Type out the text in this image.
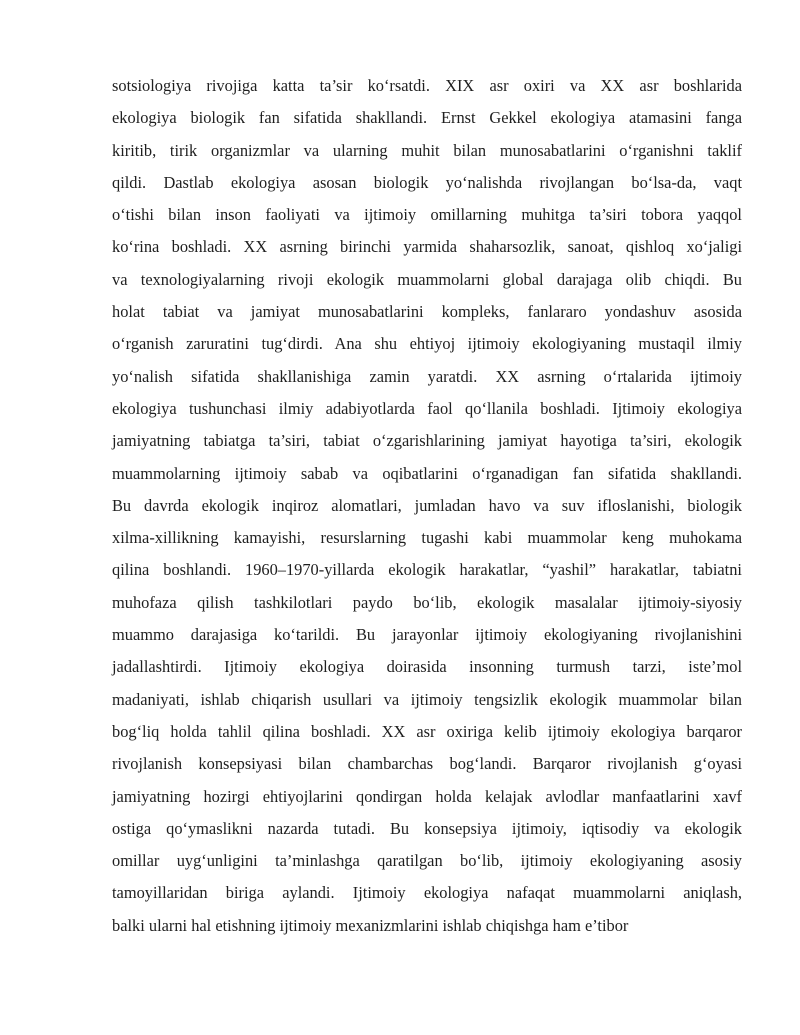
sotsiologiya rivojiga katta ta’sir ko‘rsatdi. XIX asr oxiri va XX asr boshlarida
ekologiya biologik fan sifatida shakllandi. Ernst Gekkel ekologiya atamasini fanga
kiritib, tirik organizmlar va ularning muhit bilan munosabatlarini o‘rganishni taklif
qildi. Dastlab ekologiya asosan biologik yo‘nalishda rivojlangan bo‘lsa-da, vaqt
o‘tishi bilan inson faoliyati va ijtimoiy omillarning muhitga ta’siri tobora yaqqol
ko‘rina boshladi. XX asrning birinchi yarmida shaharsozlik, sanoat, qishloq xo‘jaligi
va texnologiyalarning rivoji ekologik muammolarni global darajaga olib chiqdi. Bu
holat tabiat va jamiyat munosabatlarini kompleks, fanlararo yondashuv asosida
o‘rganish zaruratini tug‘dirdi. Ana shu ehtiyoj ijtimoiy ekologiyaning mustaqil ilmiy
yo‘nalish sifatida shakllanishiga zamin yaratdi. XX asrning o‘rtalarida ijtimoiy
ekologiya tushunchasi ilmiy adabiyotlarda faol qo‘llanila boshladi. Ijtimoiy ekologiya
jamiyatning tabiatga ta’siri, tabiat o‘zgarishlarining jamiyat hayotiga ta’siri, ekologik
muammolarning ijtimoiy sabab va oqibatlarini o‘rganadigan fan sifatida shakllandi.
Bu davrda ekologik inqiroz alomatlari, jumladan havo va suv ifloslanishi, biologik
xilma-xillikning kamayishi, resurslarning tugashi kabi muammolar keng muhokama
qilina boshlandi. 1960–1970-yillarda ekologik harakatlar, “yashil” harakatlar, tabiatni
muhofaza qilish tashkilotlari paydo bo‘lib, ekologik masalalar ijtimoiy-siyosiy
muammo darajasiga ko‘tarildi. Bu jarayonlar ijtimoiy ekologiyaning rivojlanishini
jadallashtirdi. Ijtimoiy ekologiya doirasida insonning turmush tarzi, iste’mol
madaniyati, ishlab chiqarish usullari va ijtimoiy tengsizlik ekologik muammolar bilan
bog‘liq holda tahlil qilina boshladi. XX asr oxiriga kelib ijtimoiy ekologiya barqaror
rivojlanish konsepsiyasi bilan chambarchas bog‘landi. Barqaror rivojlanish g‘oyasi
jamiyatning hozirgi ehtiyojlarini qondirgan holda kelajak avlodlar manfaatlarini xavf
ostiga qo‘ymaslikni nazarda tutadi. Bu konsepsiya ijtimoiy, iqtisodiy va ekologik
omillar uyg‘unligini ta’minlashga qaratilgan bo‘lib, ijtimoiy ekologiyaning asosiy
tamoyillaridan biriga aylandi. Ijtimoiy ekologiya nafaqat muammolarni aniqlash,
balki ularni hal etishning ijtimoiy mexanizmlarini ishlab chiqishga ham e’tibor
